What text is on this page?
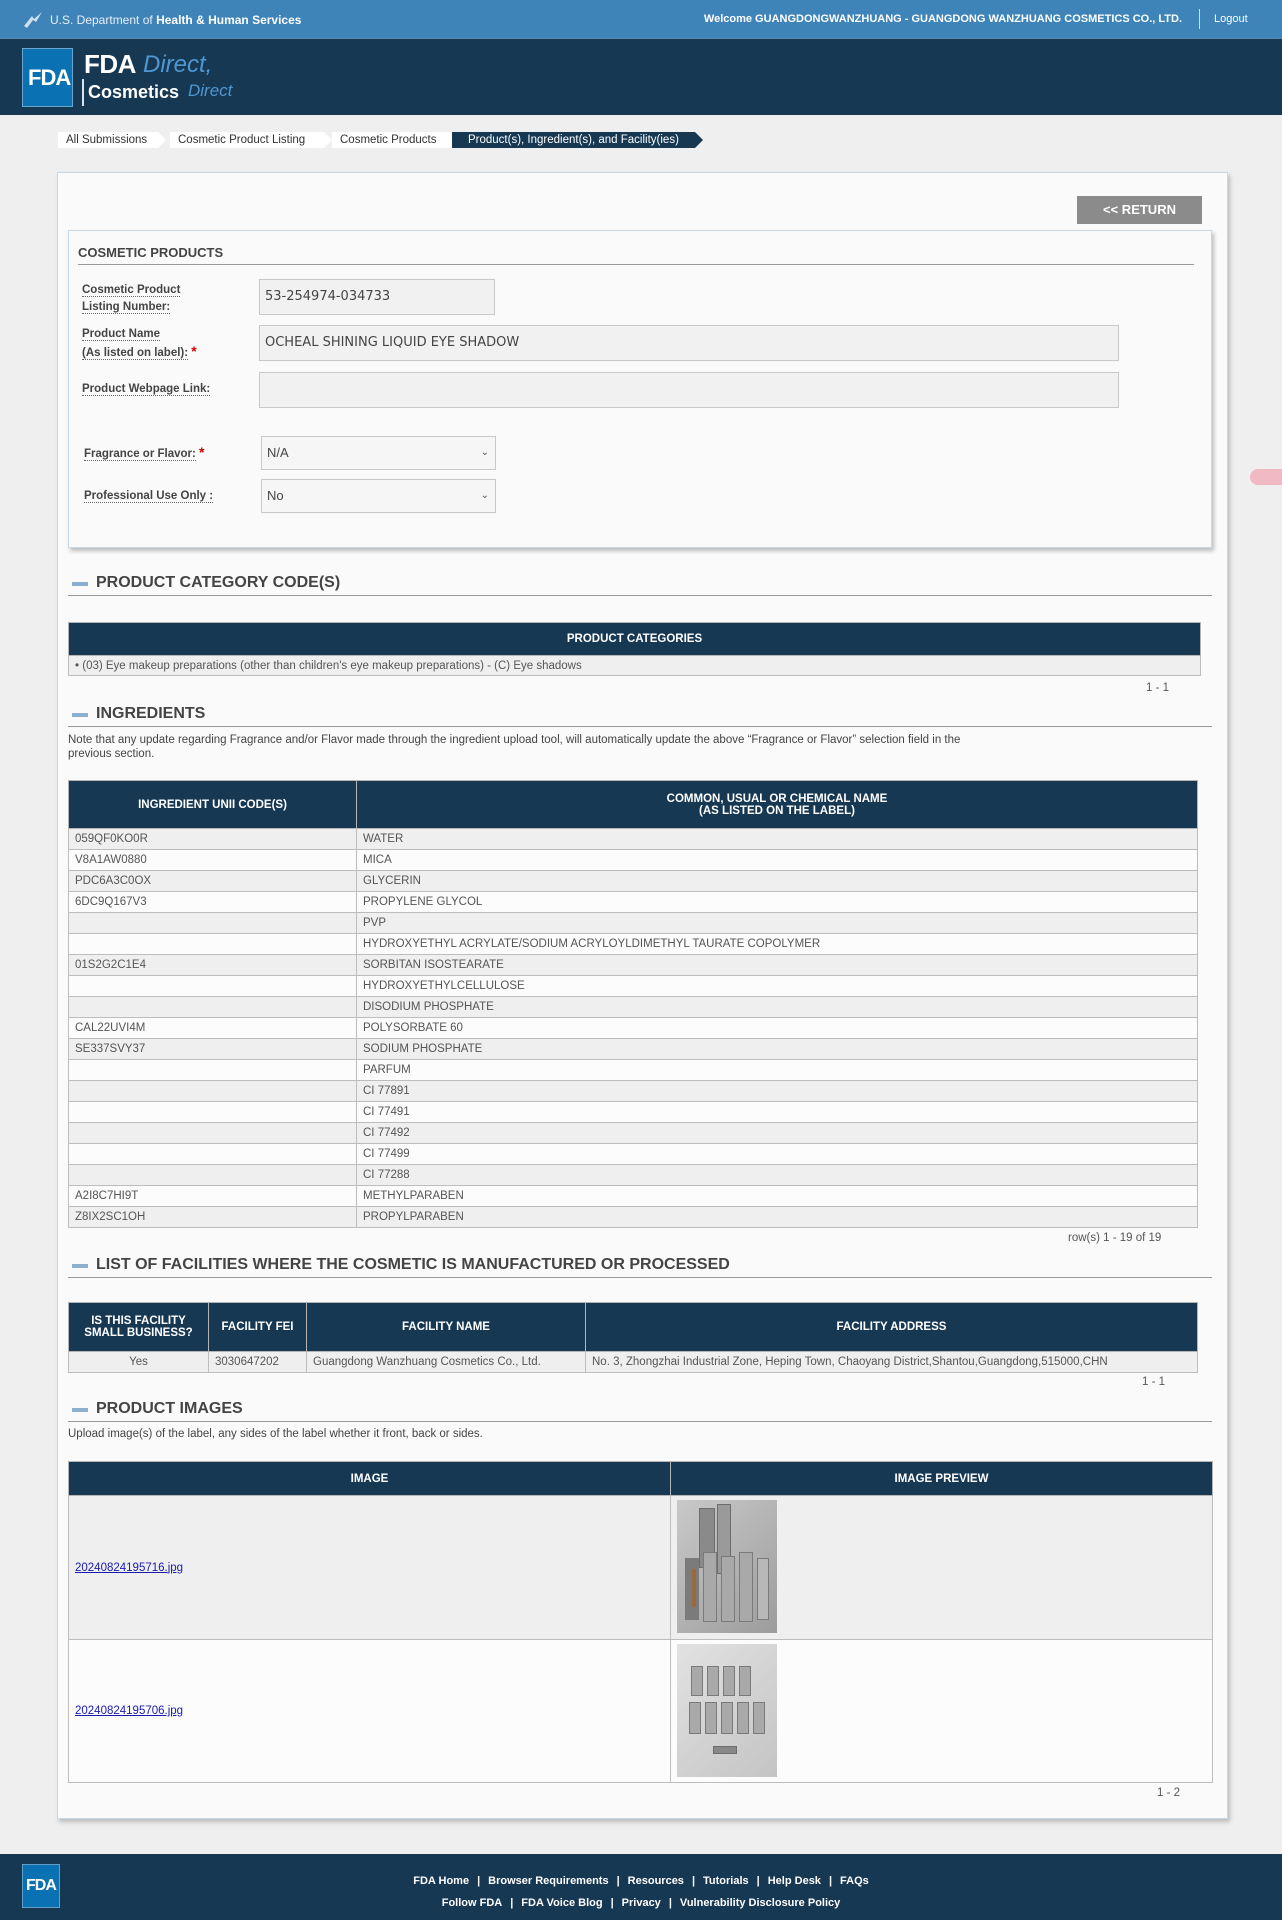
U.S. Department of Health & Human Services	Welcome GUANGDONGWANZHUANG - GUANGDONG WANZHUANG COSMETICS CO., LTD.	Logout
FDA FDA Direct,
Cosmetics Direct
All Submissions	Cosmetic Product Listing	Cosmetic Products	Product(s), Ingredient(s), and Facility(ies)
<< RETURN
COSMETIC PRODUCTS
Cosmetic Product
Listing Number:
53-254974-034733
Product Name
(As listed on label): *
OCHEAL SHINING LIQUID EYE SHADOW
Product Webpage Link:
Fragrance or Flavor: *	N/A	⌄
Professional Use Only :	No	⌄
PRODUCT CATEGORY CODE(S)
PRODUCT CATEGORIES
• (03) Eye makeup preparations (other than children's eye makeup preparations) - (C) Eye shadows
1 - 1
INGREDIENTS
Note that any update regarding Fragrance and/or Flavor made through the ingredient upload tool, will automatically update the above “Fragrance or Flavor” selection field in the previous section.
INGREDIENT UNII CODE(S)	COMMON, USUAL OR CHEMICAL NAME
(AS LISTED ON THE LABEL)
059QF0KO0R	WATER
V8A1AW0880	MICA
PDC6A3C0OX	GLYCERIN
6DC9Q167V3	PROPYLENE GLYCOL
	PVP
	HYDROXYETHYL ACRYLATE/SODIUM ACRYLOYLDIMETHYL TAURATE COPOLYMER
01S2G2C1E4	SORBITAN ISOSTEARATE
	HYDROXYETHYLCELLULOSE
	DISODIUM PHOSPHATE
CAL22UVI4M	POLYSORBATE 60
SE337SVY37	SODIUM PHOSPHATE
	PARFUM
	CI 77891
	CI 77491
	CI 77492
	CI 77499
	CI 77288
A2I8C7HI9T	METHYLPARABEN
Z8IX2SC1OH	PROPYLPARABEN
row(s) 1 - 19 of 19
LIST OF FACILITIES WHERE THE COSMETIC IS MANUFACTURED OR PROCESSED
IS THIS FACILITY
SMALL BUSINESS?	FACILITY FEI	FACILITY NAME	FACILITY ADDRESS
Yes	3030647202	Guangdong Wanzhuang Cosmetics Co., Ltd.	No. 3, Zhongzhai Industrial Zone, Heping Town, Chaoyang District,Shantou,Guangdong,515000,CHN
1 - 1
PRODUCT IMAGES
Upload image(s) of the label, any sides of the label whether it front, back or sides.
IMAGE	IMAGE PREVIEW
20240824195716.jpg	
20240824195706.jpg	
1 - 2
FDA	FDA Home | Browser Requirements | Resources | Tutorials | Help Desk | FAQs
Follow FDA | FDA Voice Blog | Privacy | Vulnerability Disclosure Policy
